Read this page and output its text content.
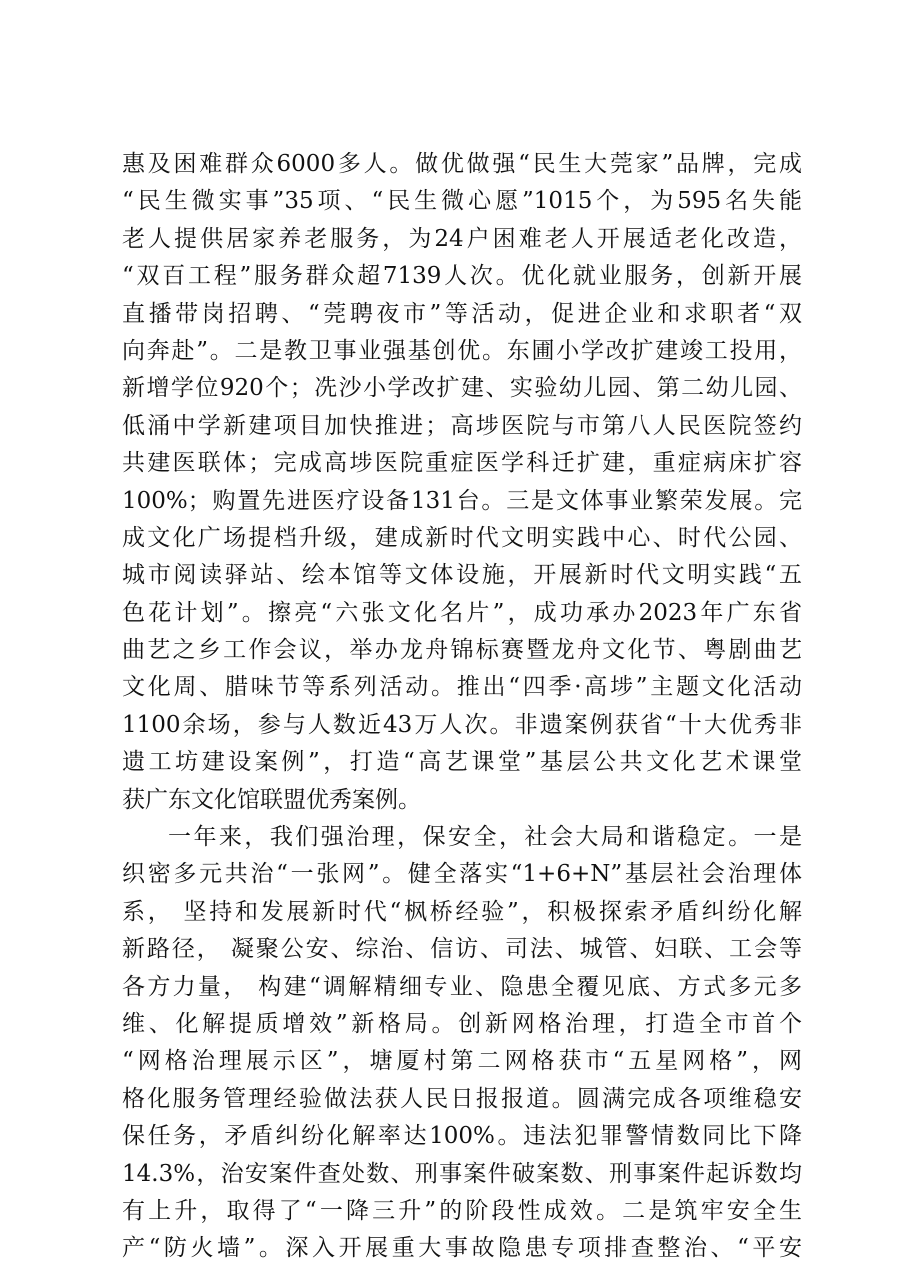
惠及困难群众6000多人。做优做强“民生大莞家”品牌，完成
“民生微实事”35项、“民生微心愿”1015个，为595名失能
老人提供居家养老服务，为24户困难老人开展适老化改造，
“双百工程”服务群众超7139人次。优化就业服务，创新开展
直播带岗招聘、“莞聘夜市”等活动，促进企业和求职者“双
向奔赴”。二是教卫事业强基创优。东圃小学改扩建竣工投用，
新增学位920个；冼沙小学改扩建、实验幼儿园、第二幼儿园、
低涌中学新建项目加快推进；高埗医院与市第八人民医院签约
共建医联体；完成高埗医院重症医学科迁扩建，重症病床扩容
100%；购置先进医疗设备131台。三是文体事业繁荣发展。完
成文化广场提档升级，建成新时代文明实践中心、时代公园、
城市阅读驿站、绘本馆等文体设施，开展新时代文明实践“五
色花计划”。擦亮“六张文化名片”，成功承办2023年广东省
曲艺之乡工作会议，举办龙舟锦标赛暨龙舟文化节、粤剧曲艺
文化周、腊味节等系列活动。推出“四季·高埗”主题文化活动
1100余场，参与人数近43万人次。非遗案例获省“十大优秀非
遗工坊建设案例”，打造“高艺课堂”基层公共文化艺术课堂
获广东文化馆联盟优秀案例。
一年来，我们强治理，保安全，社会大局和谐稳定。一是
织密多元共治“一张网”。健全落实“1+6+N”基层社会治理体
系， 坚持和发展新时代“枫桥经验”，积极探索矛盾纠纷化解
新路径， 凝聚公安、综治、信访、司法、城管、妇联、工会等
各方力量， 构建“调解精细专业、隐患全覆见底、方式多元多
维、化解提质增效”新格局。创新网格治理，打造全市首个
“网格治理展示区”，塘厦村第二网格获市“五星网格”，网
格化服务管理经验做法获人民日报报道。圆满完成各项维稳安
保任务，矛盾纠纷化解率达100%。违法犯罪警情数同比下降
14.3%，治安案件查处数、刑事案件破案数、刑事案件起诉数均
有上升，取得了“一降三升”的阶段性成效。二是筑牢安全生
产“防火墙”。深入开展重大事故隐患专项排查整治、“平安
